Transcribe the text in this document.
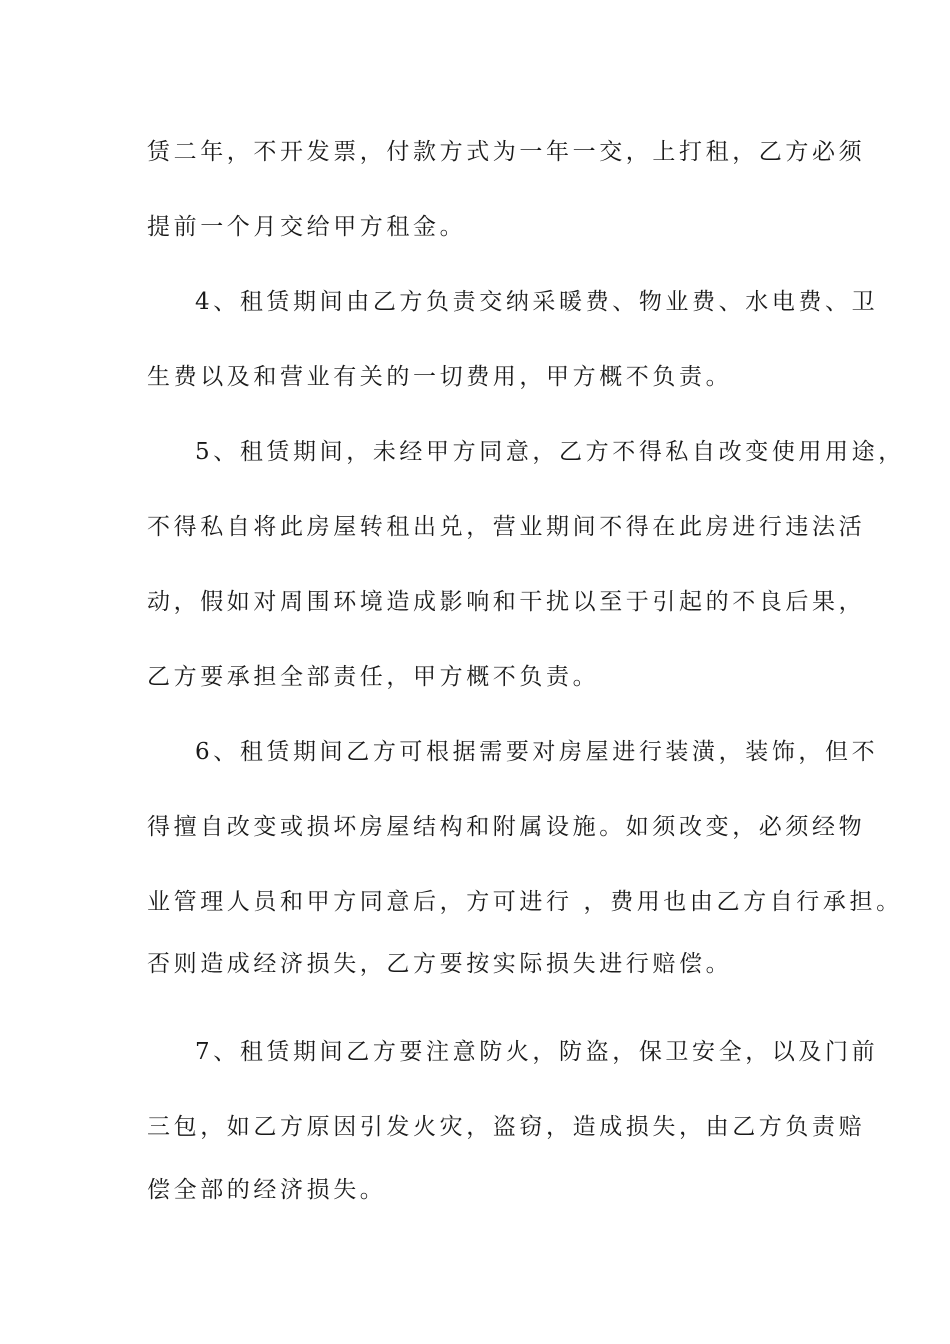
赁二年，不开发票，付款方式为一年一交，上打租，乙方必须
提前一个月交给甲方租金。
4、租赁期间由乙方负责交纳采暖费、物业费、水电费、卫
生费以及和营业有关的一切费用，甲方概不负责。
5、租赁期间，未经甲方同意，乙方不得私自改变使用用途，
不得私自将此房屋转租出兑，营业期间不得在此房进行违法活
动，假如对周围环境造成影响和干扰以至于引起的不良后果，
乙方要承担全部责任，甲方概不负责。
6、租赁期间乙方可根据需要对房屋进行装潢，装饰，但不
得擅自改变或损坏房屋结构和附属设施。如须改变，必须经物
业管理人员和甲方同意后，方可进行 ，费用也由乙方自行承担。
否则造成经济损失，乙方要按实际损失进行赔偿。
7、租赁期间乙方要注意防火，防盗，保卫安全，以及门前
三包，如乙方原因引发火灾，盗窃，造成损失，由乙方负责赔
偿全部的经济损失。
